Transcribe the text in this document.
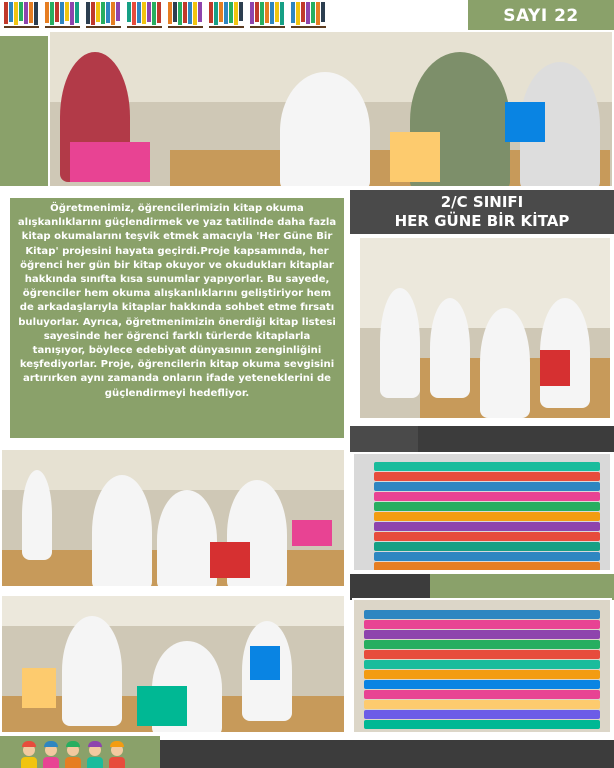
SAYI 22
Öğretmenimiz, öğrencilerimizin kitap okuma alışkanlıklarını güçlendirmek ve yaz tatilinde daha fazla kitap okumalarını teşvik etmek amacıyla 'Her Güne Bir Kitap' projesini hayata geçirdi.Proje kapsamında, her öğrenci her gün bir kitap okuyor ve okudukları kitaplar hakkında sınıfta kısa sunumlar yapıyorlar. Bu sayede, öğrenciler hem okuma alışkanlıklarını geliştiriyor hem de arkadaşlarıyla kitaplar hakkında sohbet etme fırsatı buluyorlar. Ayrıca, öğretmenimizin önerdiği kitap listesi sayesinde her öğrenci farklı türlerde kitaplarla tanışıyor, böylece edebiyat dünyasının zenginliğini keşfediyorlar. Proje, öğrencilerin kitap okuma sevgisini artırırken aynı zamanda onların ifade yeteneklerini de güçlendirmeyi hedefliyor.
2/C SINIFI
HER GÜNE BİR KİTAP
